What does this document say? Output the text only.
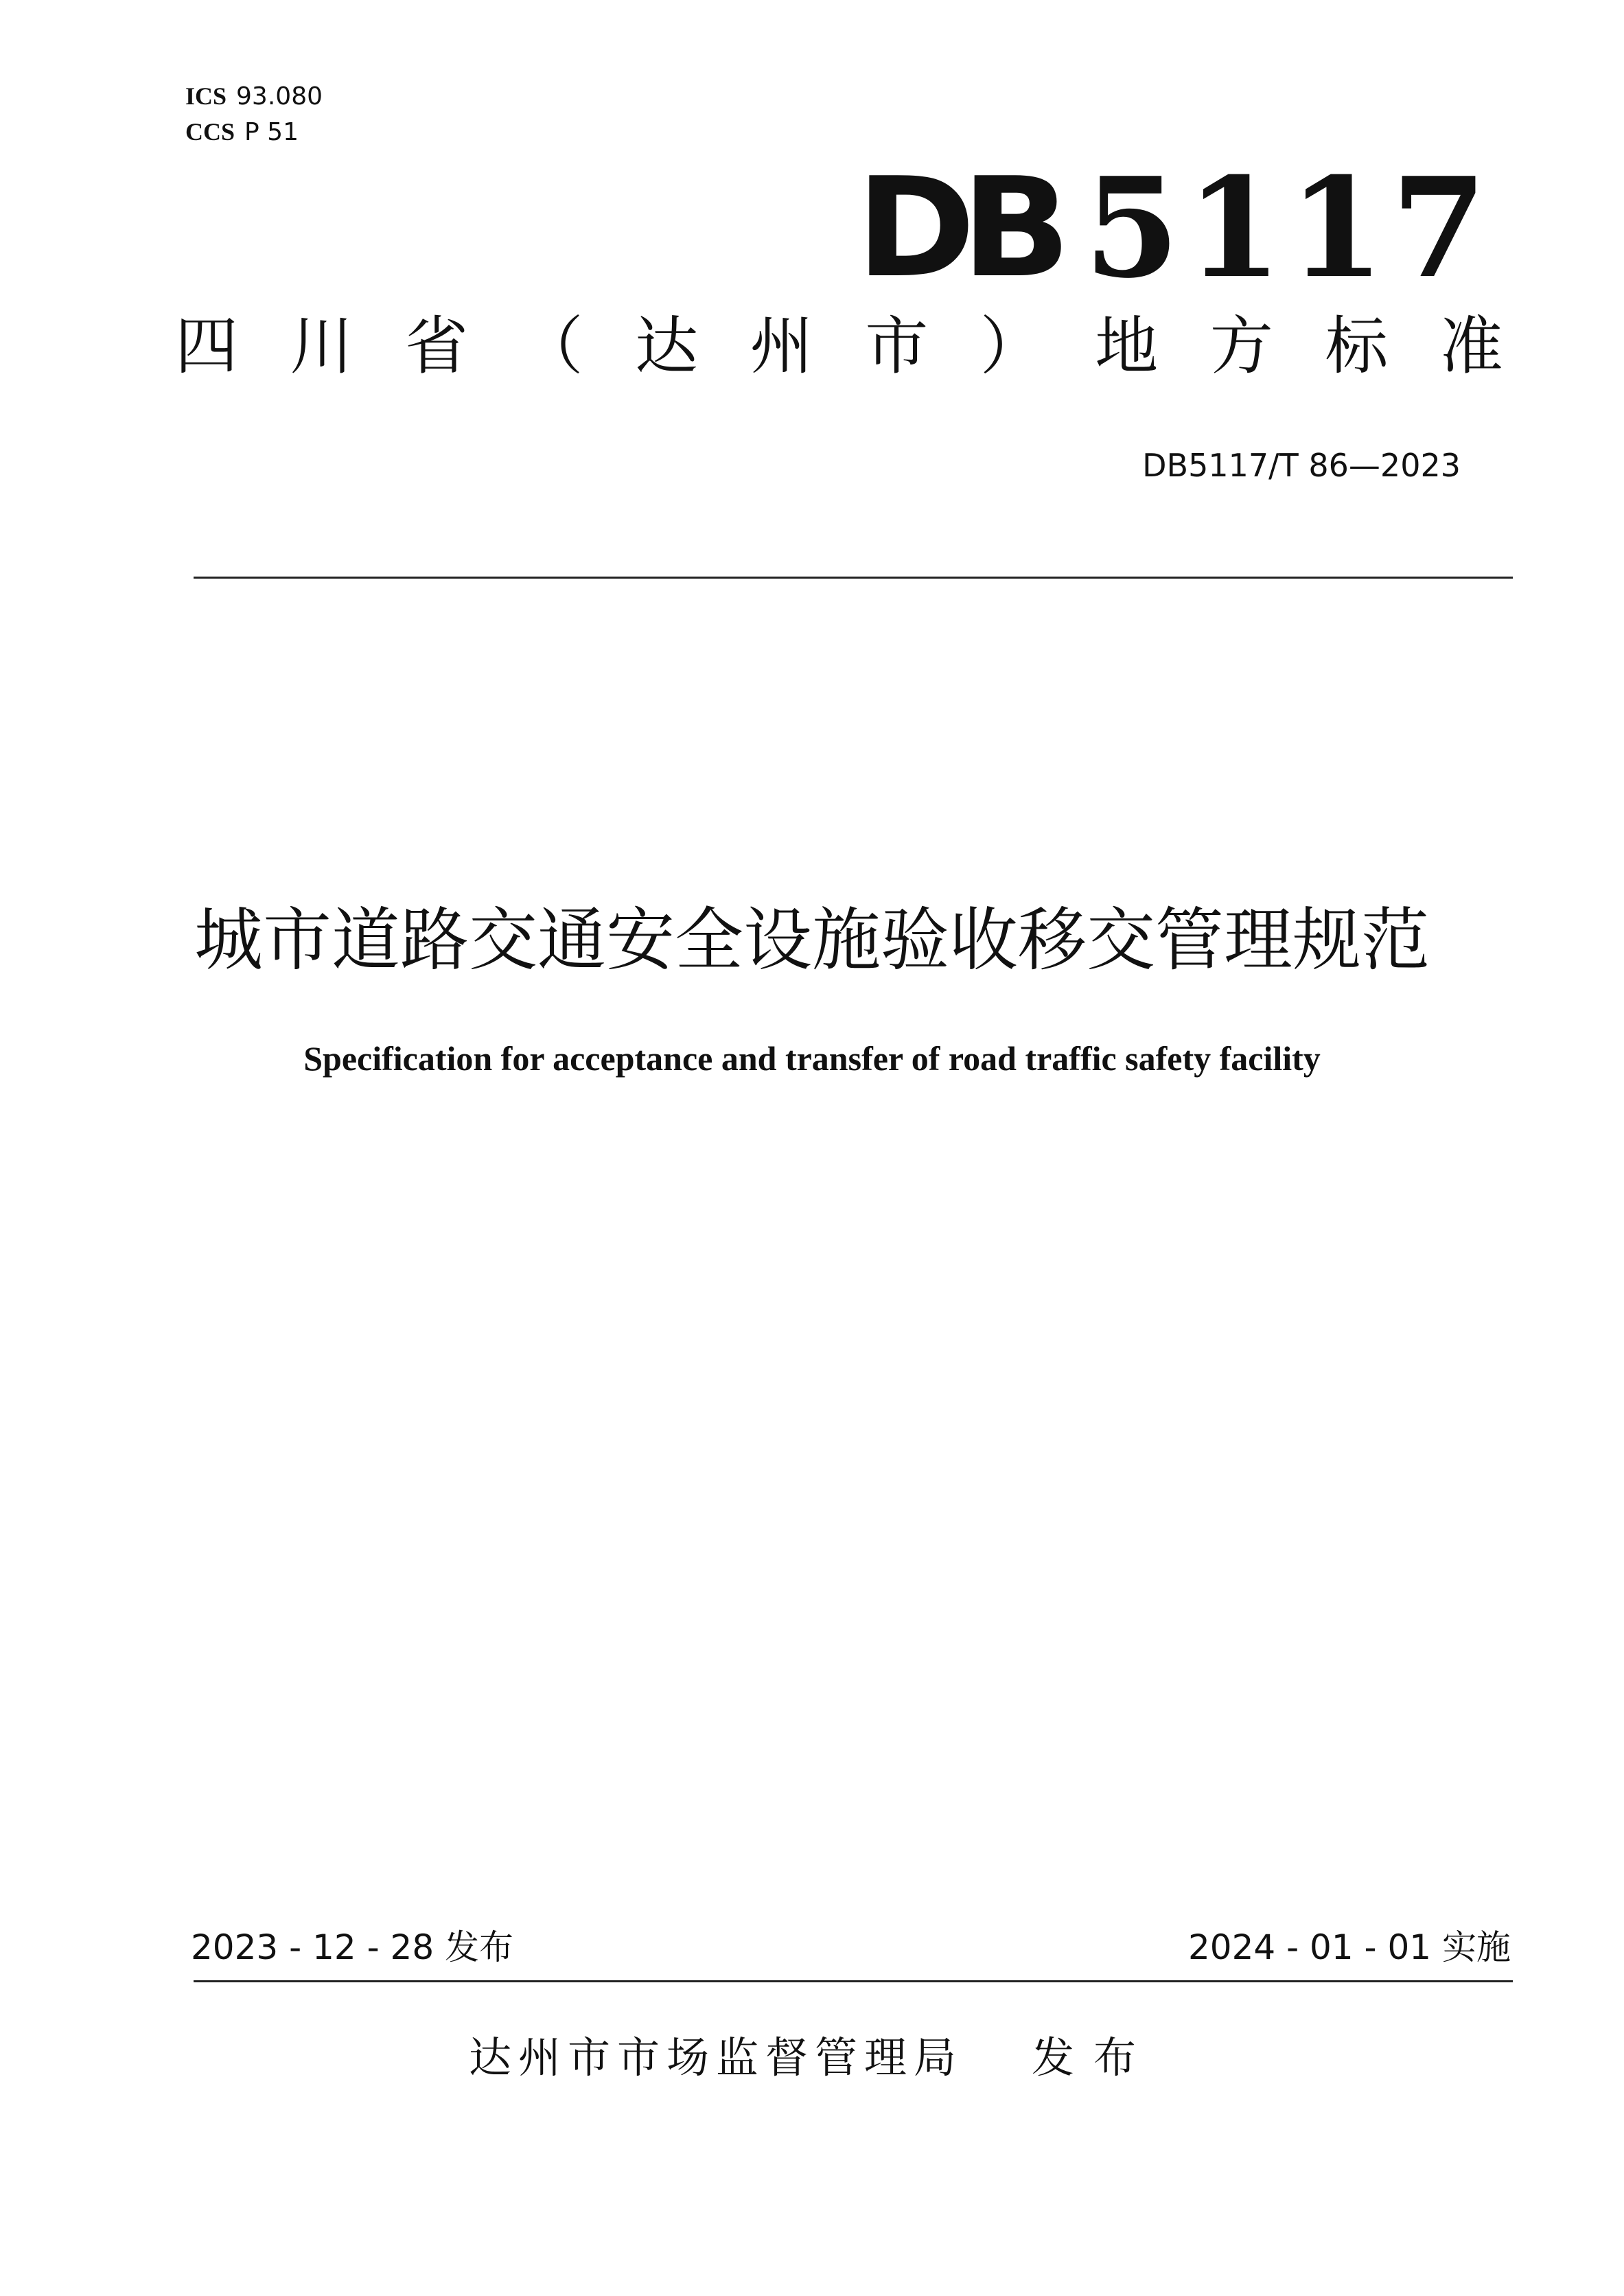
ICS 93.080
CCS P 51
DB 5117
四 川 省 （ 达 州 市 ） 地 方 标 准
DB5117/T 86—2023
城市道路交通安全设施验收移交管理规范
Specification for acceptance and transfer of road traffic safety facility
2023 - 12 - 28 发布	2024 - 01 - 01 实施
达州市市场监督管理局 发布
